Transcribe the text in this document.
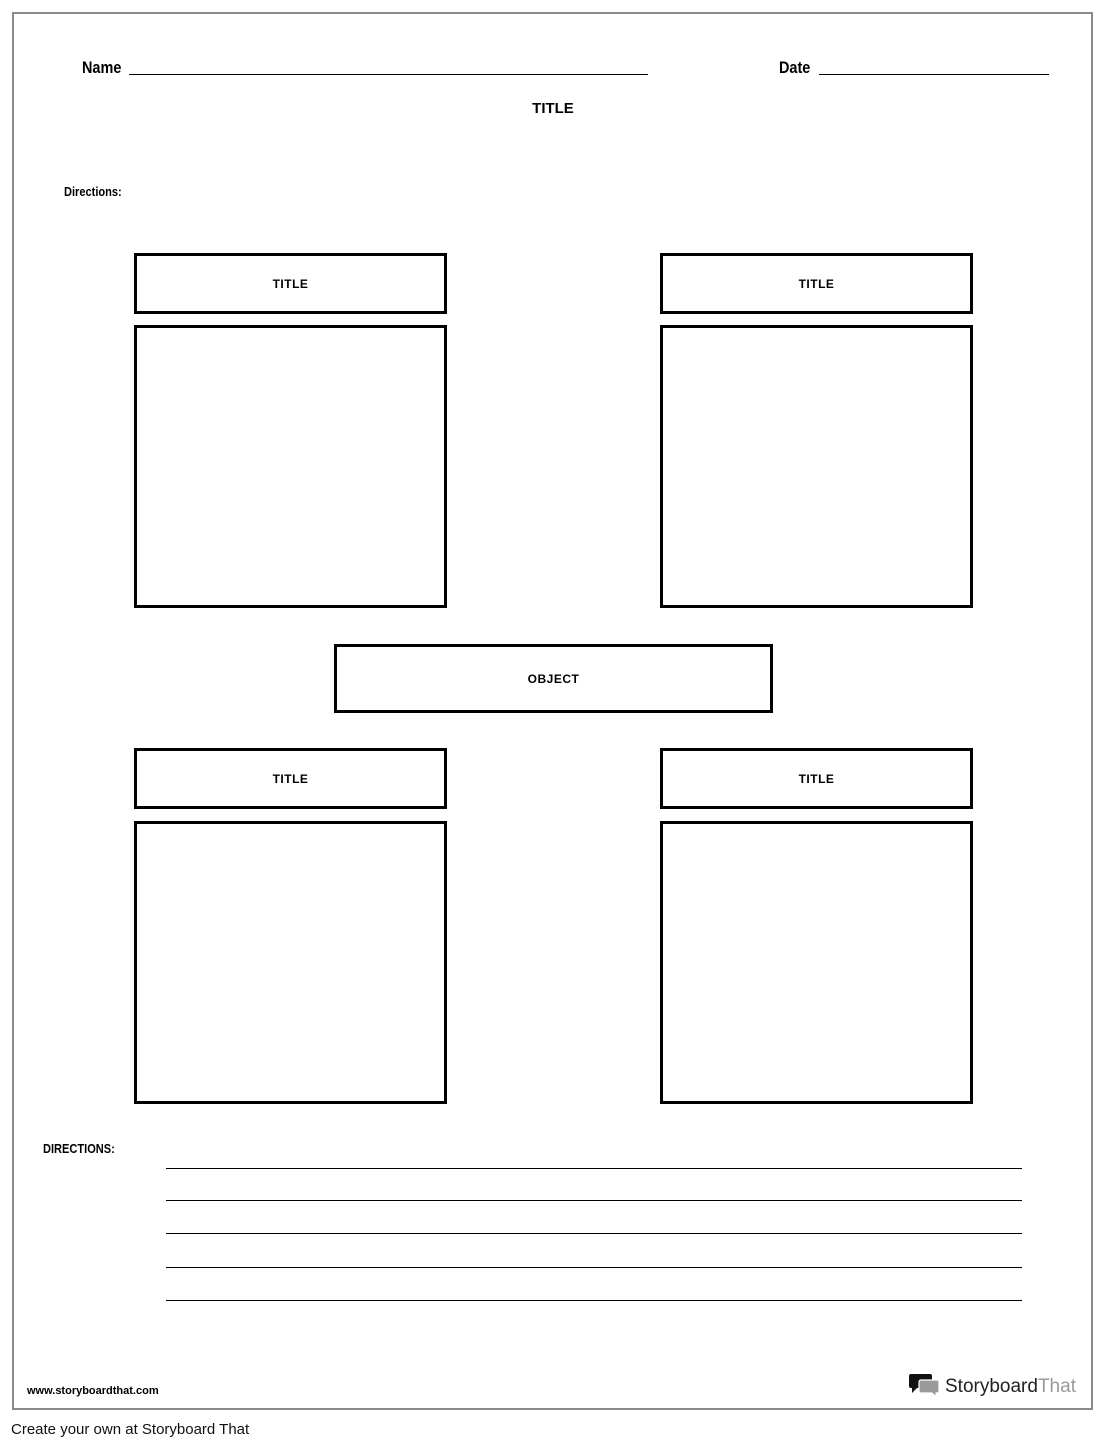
Name	Date
TITLE
Directions:
TITLE	TITLE
OBJECT
TITLE	TITLE
DIRECTIONS:
www.storyboardthat.com	StoryboardThat
Create your own at Storyboard That
